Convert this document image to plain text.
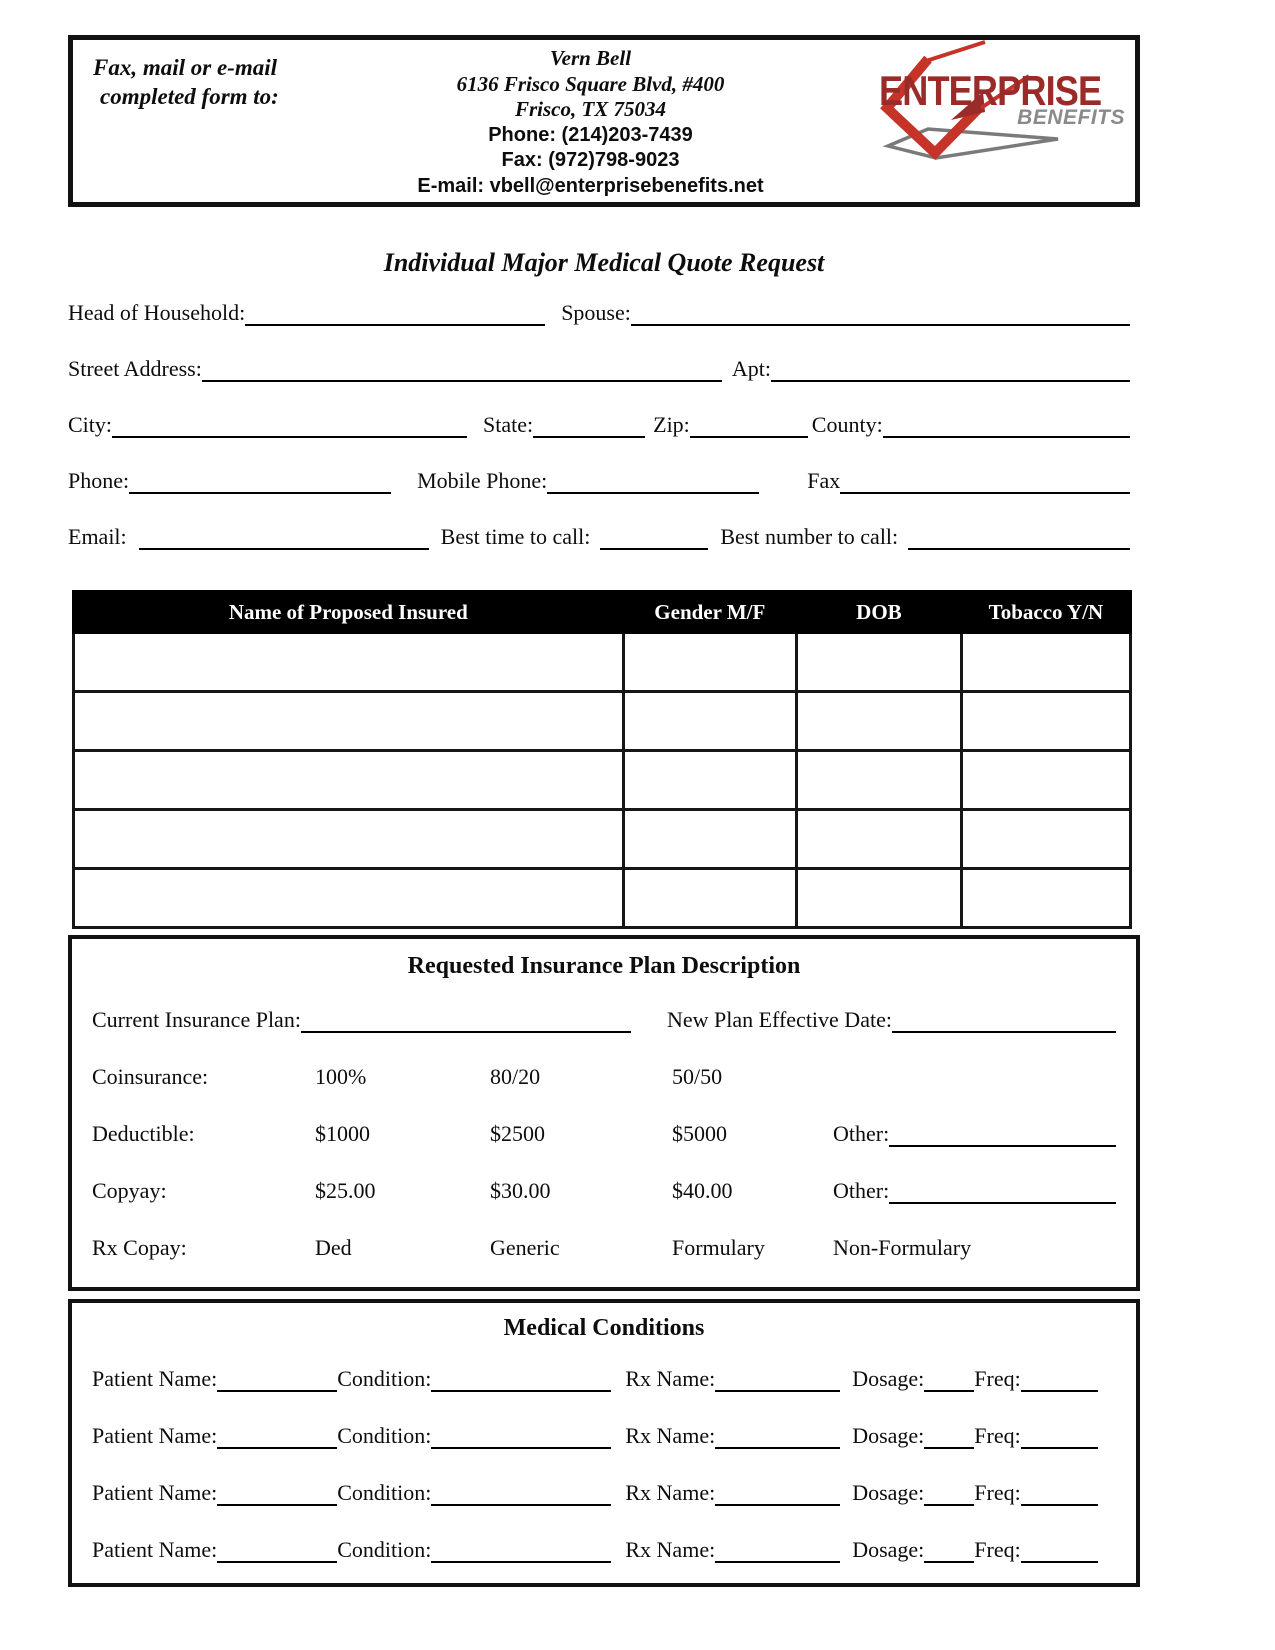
Fax, mail or e-mail
completed form to:
Vern Bell
6136 Frisco Square Blvd, #400
Frisco, TX 75034
Phone: (214)203-7439
Fax: (972)798-9023
E-mail: vbell@enterprisebenefits.net
ENTERPRISE
BENEFITS
Individual Major Medical Quote Request
Head of Household:	Spouse:
Street Address:	Apt:
City:	State:	Zip:	County:
Phone:	Mobile Phone:	Fax
Email:	Best time to call:	Best number to call:
Name of Proposed Insured	Gender M/F	DOB	Tobacco Y/N

Requested Insurance Plan Description
Current Insurance Plan:	New Plan Effective Date:
Coinsurance:	100%	80/20	50/50
Deductible:	$1000	$2500	$5000	Other:
Copyay:	$25.00	$30.00	$40.00	Other:
Rx Copay:	Ded	Generic	Formulary	Non-Formulary
Medical Conditions
Patient Name:	Condition:	Rx Name:	Dosage: Freq:
Patient Name:	Condition:	Rx Name:	Dosage: Freq:
Patient Name:	Condition:	Rx Name:	Dosage: Freq:
Patient Name:	Condition:	Rx Name:	Dosage: Freq:
